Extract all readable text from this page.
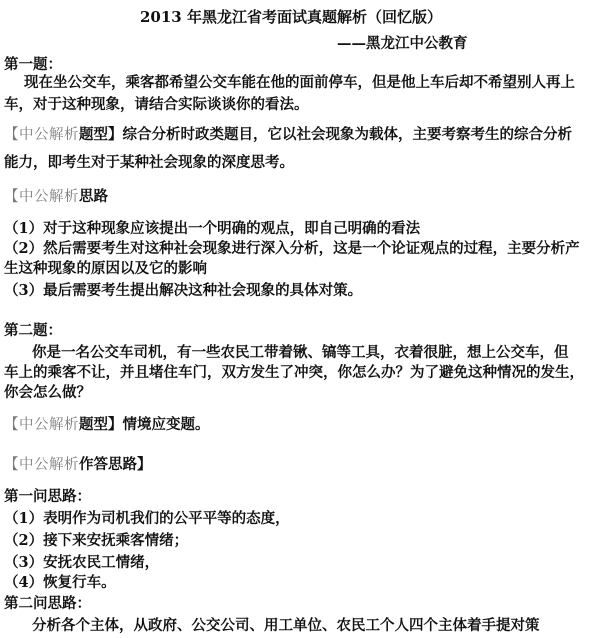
2013 年黑龙江省考面试真题解析（回忆版）
——黑龙江中公教育
第一题：
现在坐公交车，乘客都希望公交车能在他的面前停车，但是他上车后却不希望别人再上
车，对于这种现象，请结合实际谈谈你的看法。
【中公解析题型】综合分析时政类题目，它以社会现象为载体，主要考察考生的综合分析
能力，即考生对于某种社会现象的深度思考。
【中公解析思路
（1）对于这种现象应该提出一个明确的观点，即自己明确的看法
（2）然后需要考生对这种社会现象进行深入分析，这是一个论证观点的过程，主要分析产
生这种现象的原因以及它的影响
（3）最后需要考生提出解决这种社会现象的具体对策。
第二题：
你是一名公交车司机，有一些农民工带着锹、镐等工具，衣着很脏，想上公交车，但
车上的乘客不让，并且堵住车门，双方发生了冲突，你怎么办？为了避免这种情况的发生，
你会怎么做？
【中公解析题型】情境应变题。
【中公解析作答思路】
第一问思路：
（1）表明作为司机我们的公平平等的态度，
（2）接下来安抚乘客情绪；
（3）安抚农民工情绪，
（4）恢复行车。
第二问思路：
分析各个主体，从政府、公交公司、用工单位、农民工个人四个主体着手提对策
